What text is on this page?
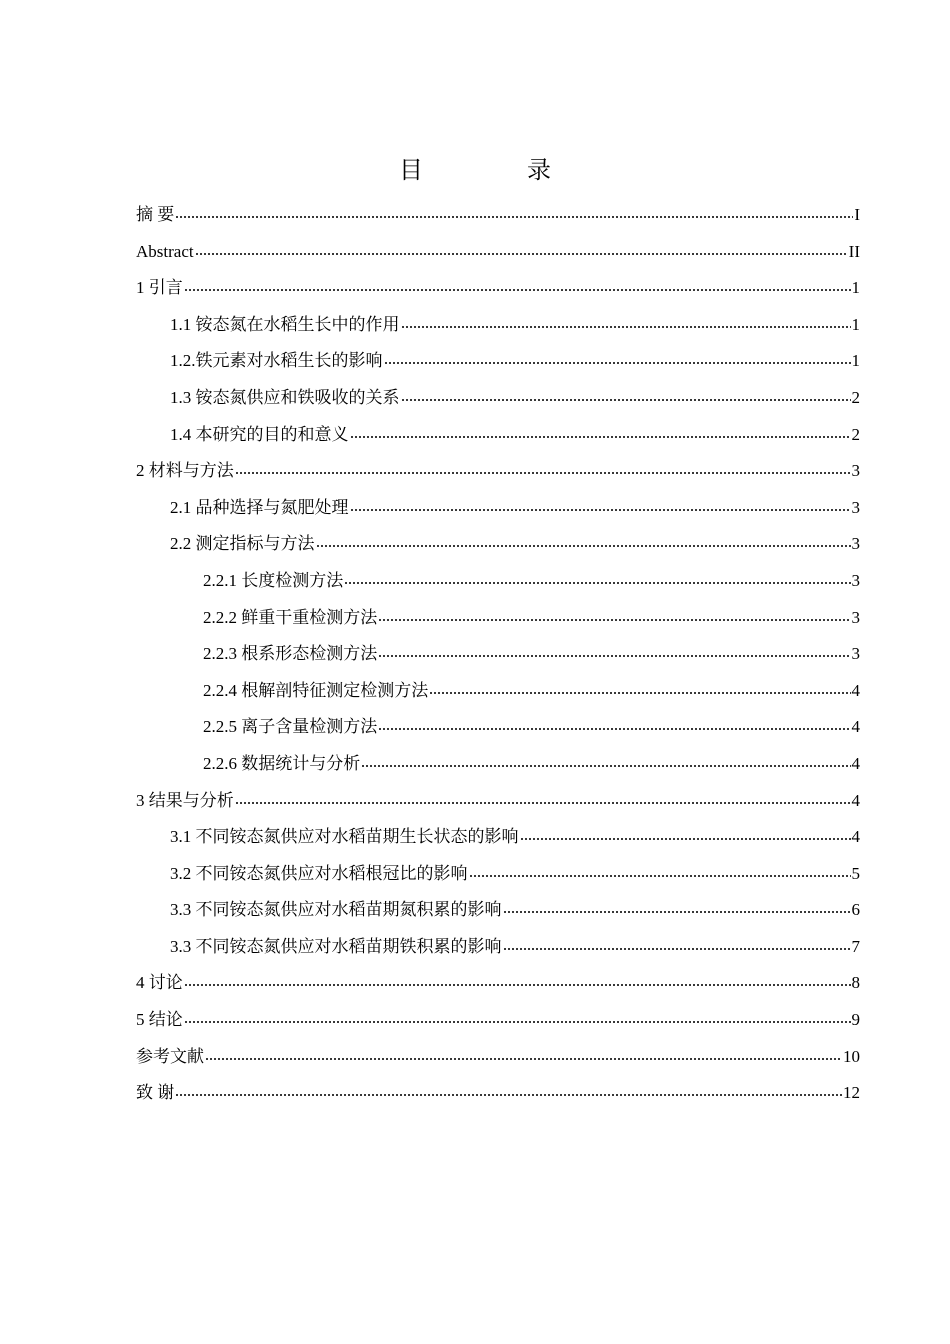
目　录
摘 要	I
Abstract	II
1 引言	1
1.1 铵态氮在水稻生长中的作用	1
1.2.铁元素对水稻生长的影响	1
1.3 铵态氮供应和铁吸收的关系	2
1.4 本研究的目的和意义	2
2 材料与方法	3
2.1 品种选择与氮肥处理	3
2.2 测定指标与方法	3
2.2.1 长度检测方法	3
2.2.2 鲜重干重检测方法	3
2.2.3 根系形态检测方法	3
2.2.4 根解剖特征测定检测方法	4
2.2.5 离子含量检测方法	4
2.2.6 数据统计与分析	4
3 结果与分析	4
3.1 不同铵态氮供应对水稻苗期生长状态的影响	4
3.2 不同铵态氮供应对水稻根冠比的影响	5
3.3 不同铵态氮供应对水稻苗期氮积累的影响	6
3.3 不同铵态氮供应对水稻苗期铁积累的影响	7
4 讨论	8
5 结论	9
参考文献	10
致 谢	12
